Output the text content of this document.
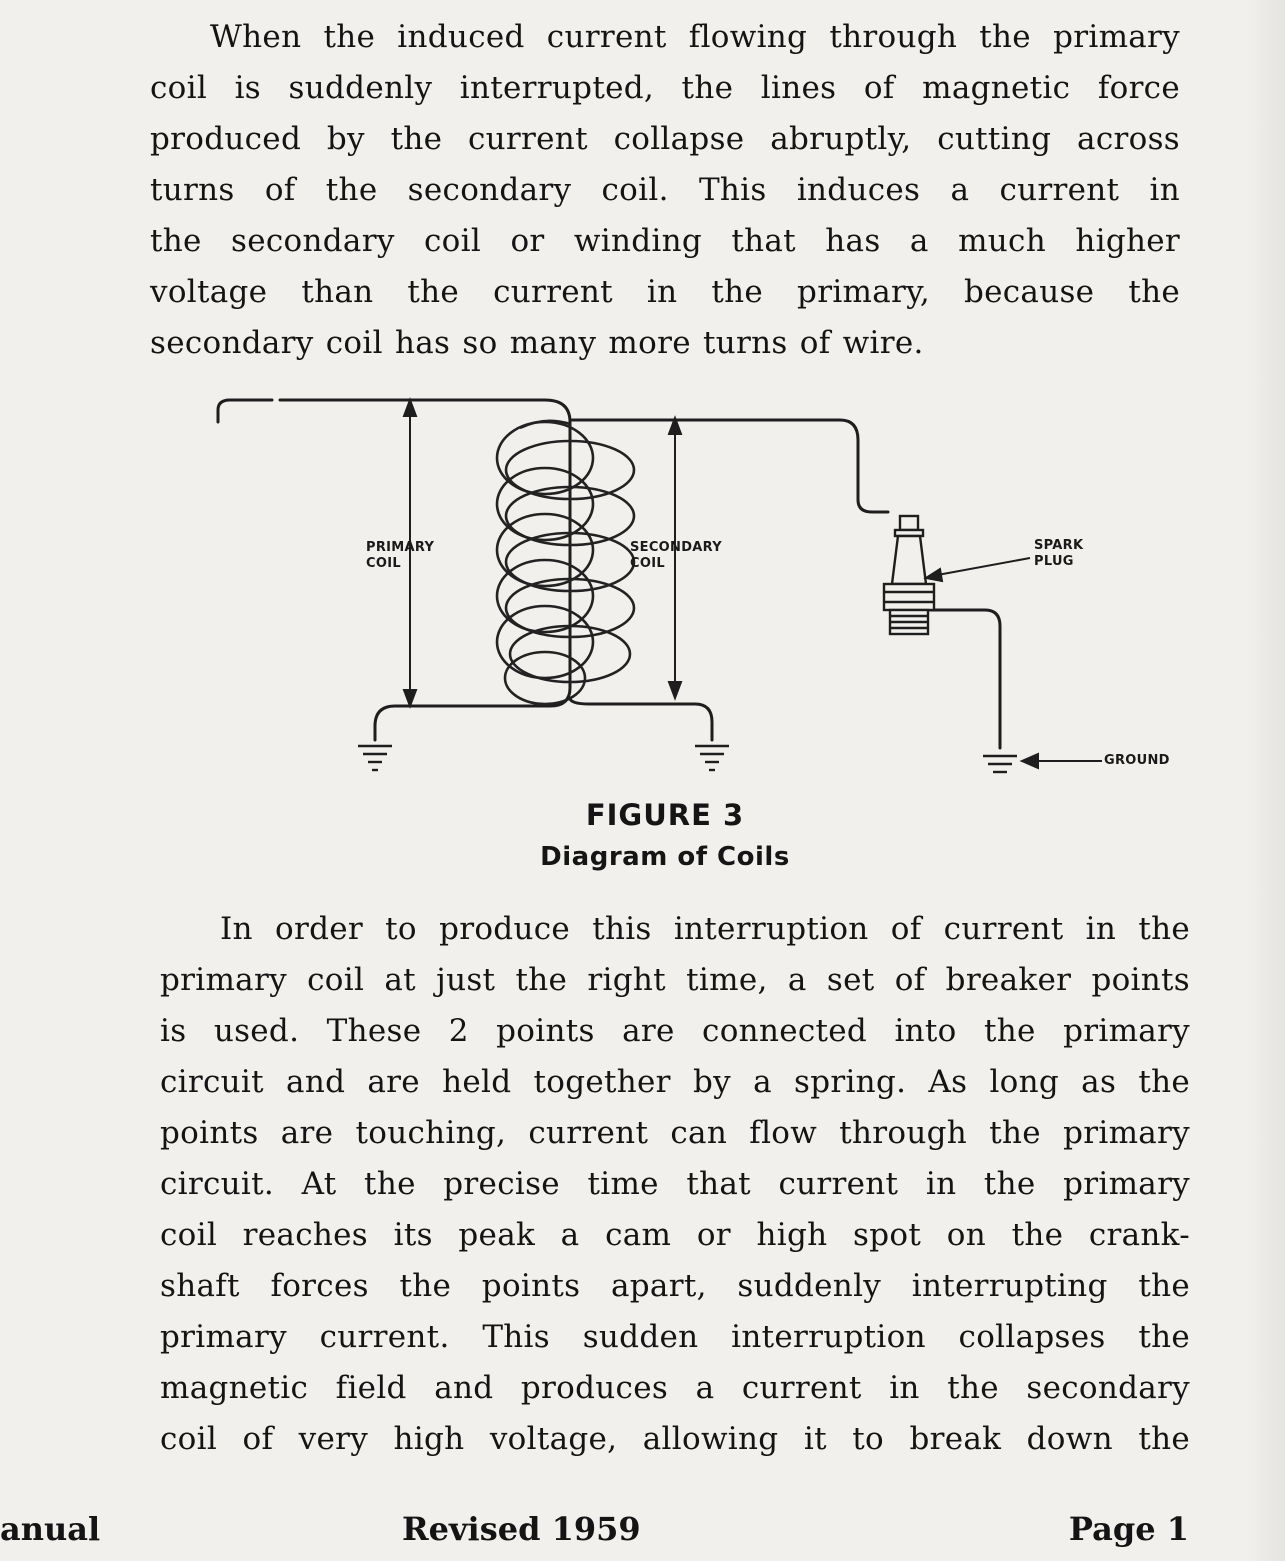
When the induced current flowing through the primary
coil is suddenly interrupted, the lines of magnetic force
produced by the current collapse abruptly, cutting across
turns of the secondary coil. This induces a current in
the secondary coil or winding that has a much higher
voltage than the current in the primary, because the
secondary coil has so many more turns of wire.
PRIMARY
COIL
SECONDARY
COIL
SPARK
PLUG
GROUND
FIGURE 3
Diagram of Coils
In order to produce this interruption of current in the
primary coil at just the right time, a set of breaker points
is used. These 2 points are connected into the primary
circuit and are held together by a spring. As long as the
points are touching, current can flow through the primary
circuit. At the precise time that current in the primary
coil reaches its peak a cam or high spot on the crank-
shaft forces the points apart, suddenly interrupting the
primary current. This sudden interruption collapses the
magnetic field and produces a current in the secondary
coil of very high voltage, allowing it to break down the
anual	Revised 1959	Page 1
